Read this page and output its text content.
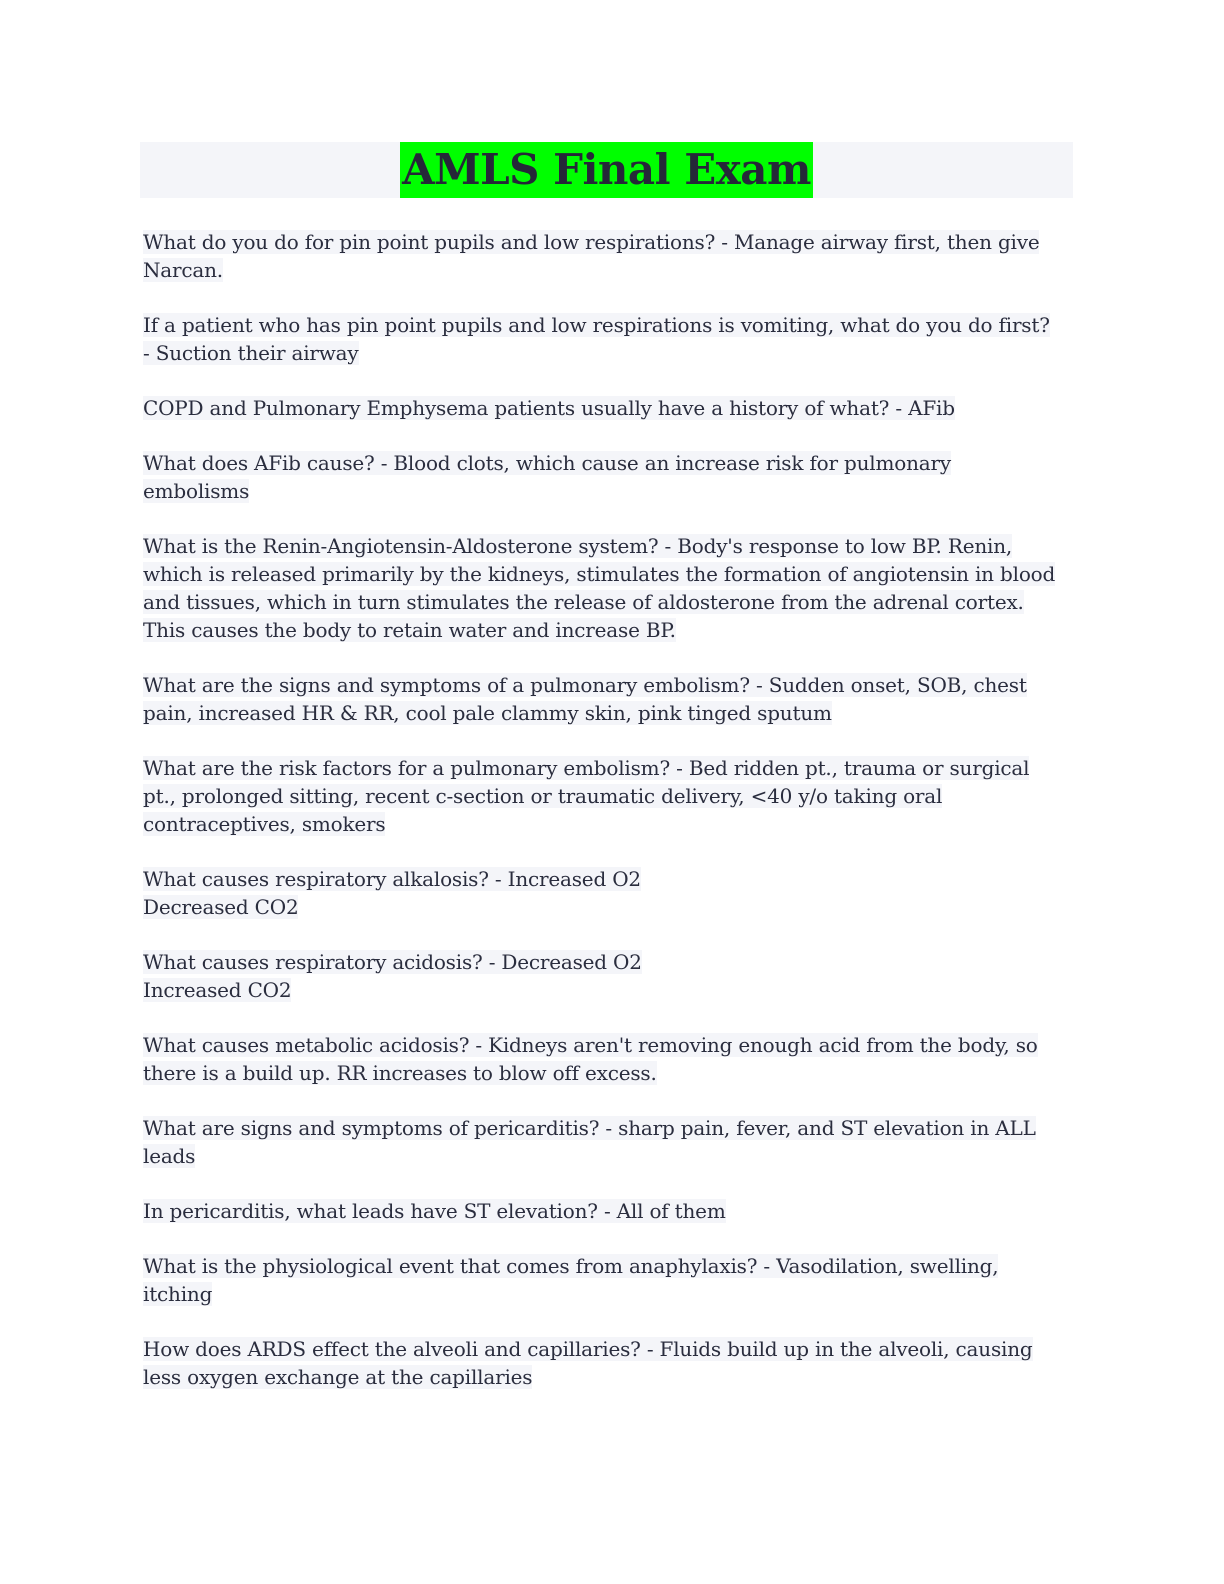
AMLS Final Exam

What do you do for pin point pupils and low respirations? - Manage airway first, then give
Narcan.

If a patient who has pin point pupils and low respirations is vomiting, what do you do first?
- Suction their airway

COPD and Pulmonary Emphysema patients usually have a history of what? - AFib

What does AFib cause? - Blood clots, which cause an increase risk for pulmonary
embolisms

What is the Renin-Angiotensin-Aldosterone system? - Body's response to low BP. Renin,
which is released primarily by the kidneys, stimulates the formation of angiotensin in blood
and tissues, which in turn stimulates the release of aldosterone from the adrenal cortex.
This causes the body to retain water and increase BP.

What are the signs and symptoms of a pulmonary embolism? - Sudden onset, SOB, chest
pain, increased HR & RR, cool pale clammy skin, pink tinged sputum

What are the risk factors for a pulmonary embolism? - Bed ridden pt., trauma or surgical
pt., prolonged sitting, recent c-section or traumatic delivery, <40 y/o taking oral
contraceptives, smokers

What causes respiratory alkalosis? - Increased O2
Decreased CO2

What causes respiratory acidosis? - Decreased O2
Increased CO2

What causes metabolic acidosis? - Kidneys aren't removing enough acid from the body, so
there is a build up. RR increases to blow off excess.

What are signs and symptoms of pericarditis? - sharp pain, fever, and ST elevation in ALL
leads

In pericarditis, what leads have ST elevation? - All of them

What is the physiological event that comes from anaphylaxis? - Vasodilation, swelling,
itching

How does ARDS effect the alveoli and capillaries? - Fluids build up in the alveoli, causing
less oxygen exchange at the capillaries
